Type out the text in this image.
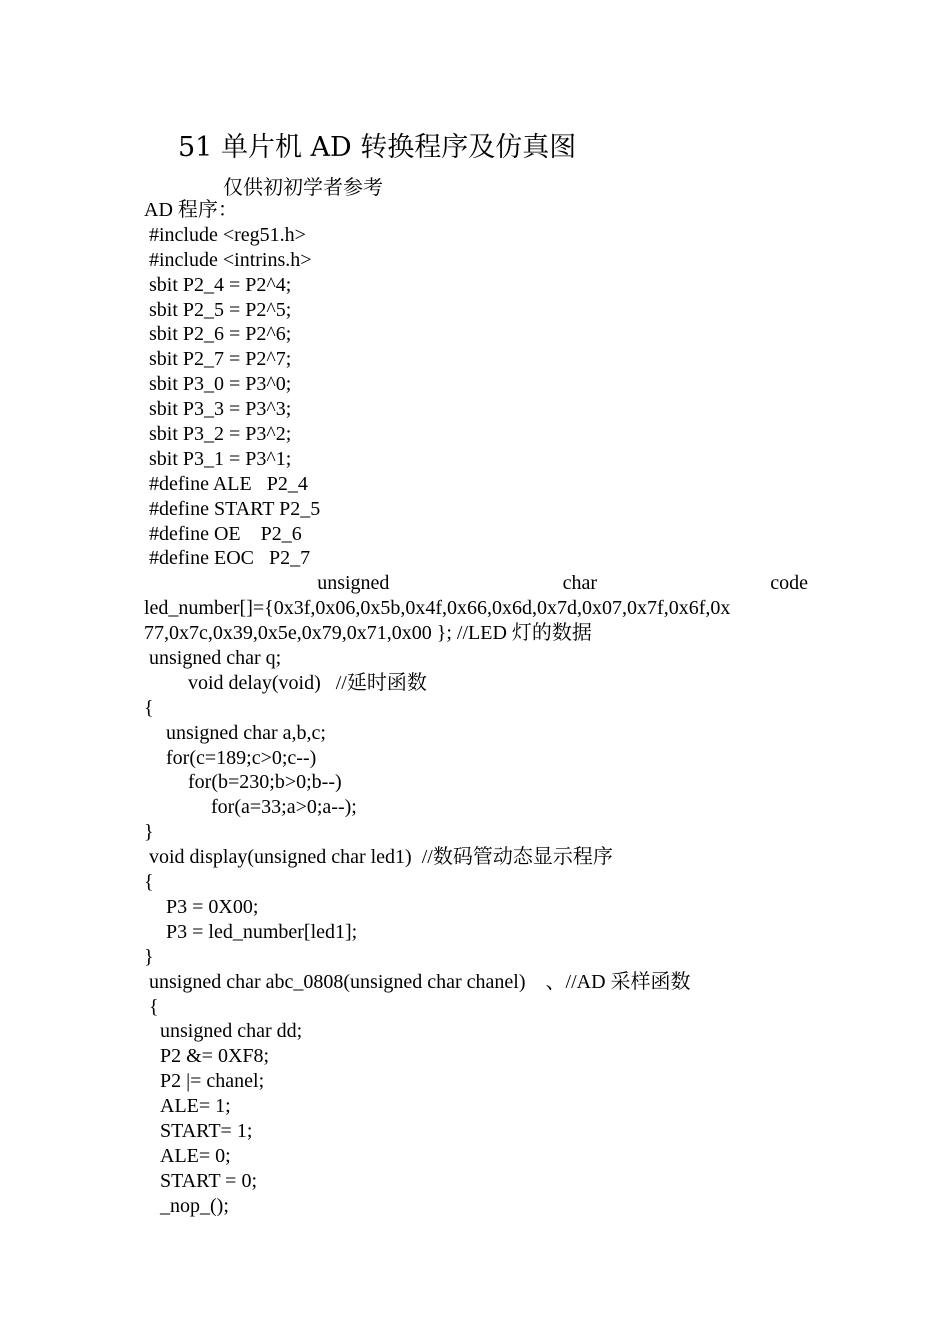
51 单片机 AD 转换程序及仿真图
仅供初初学者参考
AD 程序：
#include <reg51.h>
#include <intrins.h>
sbit P2_4 = P2^4;
sbit P2_5 = P2^5;
sbit P2_6 = P2^6;
sbit P2_7 = P2^7;
sbit P3_0 = P3^0;
sbit P3_3 = P3^3;
sbit P3_2 = P3^2;
sbit P3_1 = P3^1;
#define ALE   P2_4
#define START P2_5
#define OE    P2_6
#define EOC   P2_7
unsigned	char	code
led_number[]={0x3f,0x06,0x5b,0x4f,0x66,0x6d,0x7d,0x07,0x7f,0x6f,0x
77,0x7c,0x39,0x5e,0x79,0x71,0x00 }; //LED 灯的数据
unsigned char q;
void delay(void)   //延时函数
{
unsigned char a,b,c;
for(c=189;c>0;c--)
for(b=230;b>0;b--)
for(a=33;a>0;a--);
}
void display(unsigned char led1)  //数码管动态显示程序
{
P3 = 0X00;
P3 = led_number[led1];
}
unsigned char abc_0808(unsigned char chanel)    、//AD 采样函数
{
unsigned char dd;
P2 &= 0XF8;
P2 |= chanel;
ALE= 1;
START= 1;
ALE= 0;
START = 0;
_nop_();
